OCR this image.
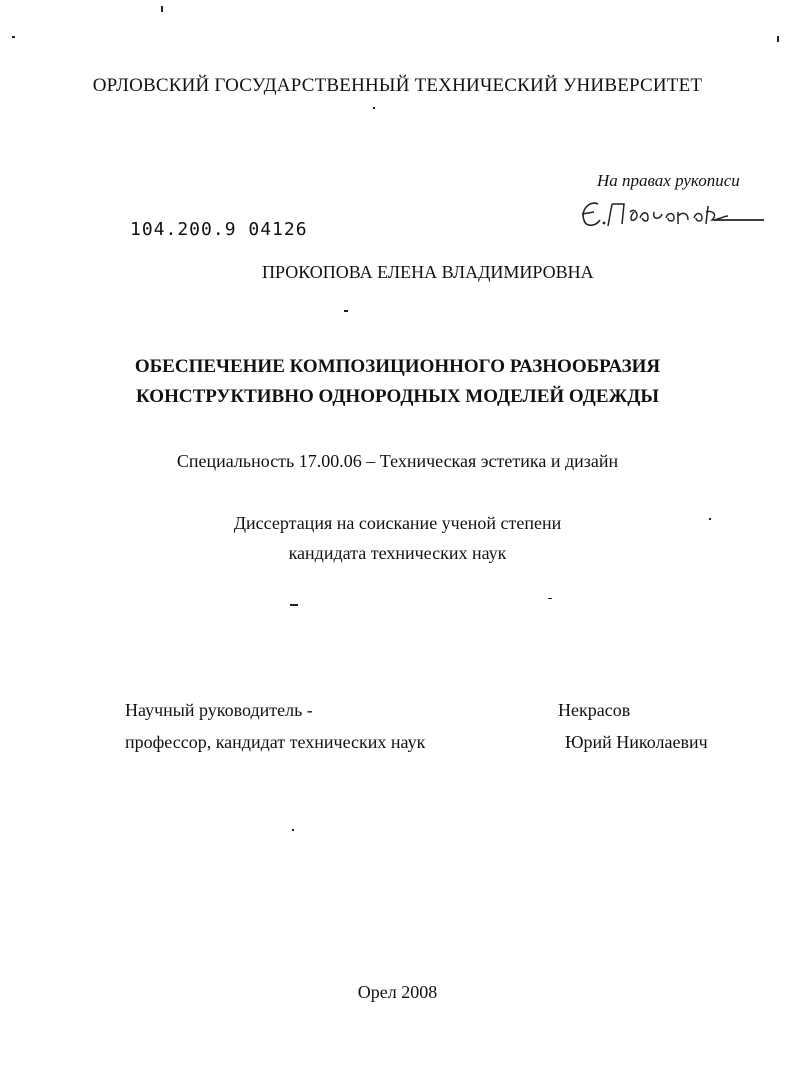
ОРЛОВСКИЙ ГОСУДАРСТВЕННЫЙ ТЕХНИЧЕСКИЙ УНИВЕРСИТЕТ
На правах рукописи
104.200.9 04126
ПРОКОПОВА ЕЛЕНА ВЛАДИМИРОВНА
ОБЕСПЕЧЕНИЕ КОМПОЗИЦИОННОГО РАЗНООБРАЗИЯ
КОНСТРУКТИВНО ОДНОРОДНЫХ МОДЕЛЕЙ ОДЕЖДЫ
Специальность 17.00.06 – Техническая эстетика и дизайн
Диссертация на соискание ученой степени
кандидата технических наук
Научный руководитель -
профессор, кандидат технических наук
Некрасов
Юрий Николаевич
Орел 2008
